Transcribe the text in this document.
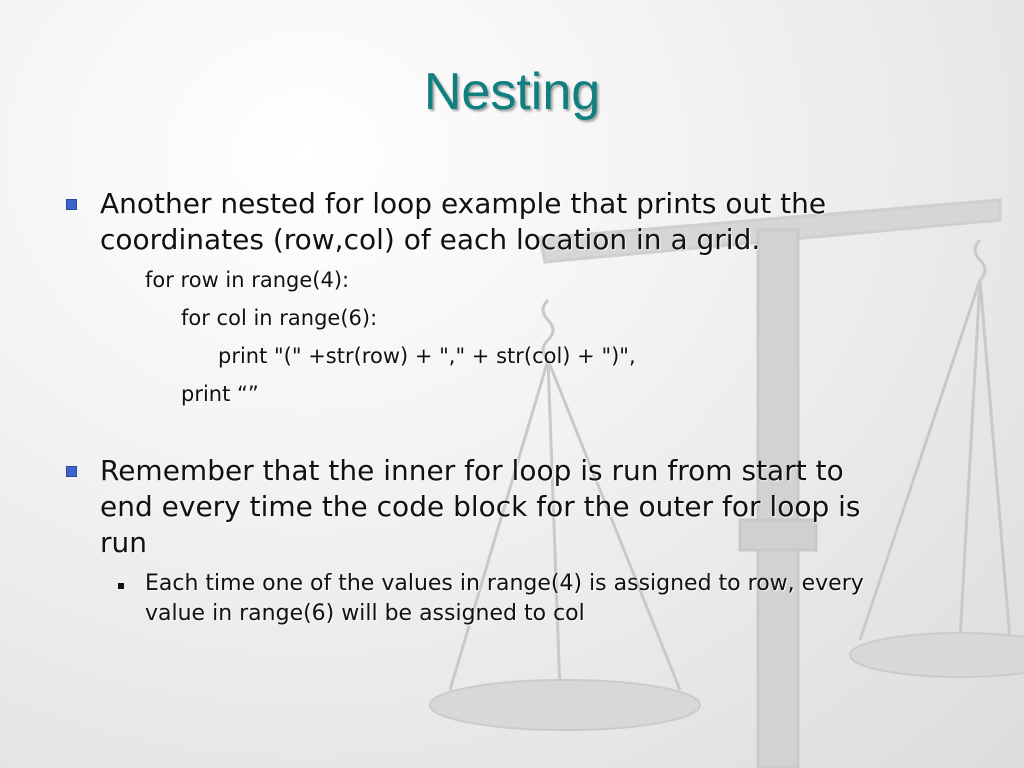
Nesting
Another nested for loop example that prints out the
coordinates (row,col) of each location in a grid.
for row in range(4):
for col in range(6):
print "(" +str(row) + "," + str(col) + ")",
print “”
Remember that the inner for loop is run from start to
end every time the code block for the outer for loop is
run
Each time one of the values in range(4) is assigned to row, every
value in range(6) will be assigned to col
